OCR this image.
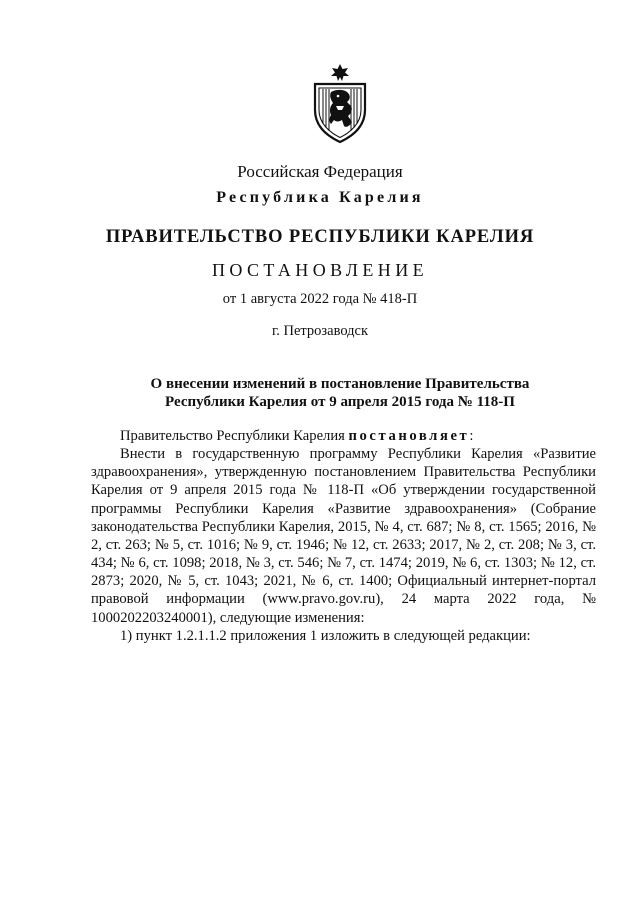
Российская Федерация
Республика Карелия
ПРАВИТЕЛЬСТВО РЕСПУБЛИКИ КАРЕЛИЯ
ПОСТАНОВЛЕНИЕ
от 1 августа 2022 года № 418-П
г. Петрозаводск
О внесении изменений в постановление Правительства
Республики Карелия от 9 апреля 2015 года № 118-П

Правительство Республики Карелия постановляет:

Внести в государственную программу Республики Карелия «Развитие здравоохранения», утвержденную постановлением Правительства Республики Карелия от 9 апреля 2015 года № 118-П «Об утверждении государственной программы Республики Карелия «Развитие здравоохранения» (Собрание законодательства Республики Карелия, 2015, № 4, ст. 687; № 8, ст. 1565; 2016, № 2, ст. 263; № 5, ст. 1016; № 9, ст. 1946; № 12, ст. 2633; 2017, № 2, ст. 208; № 3, ст. 434; № 6, ст. 1098; 2018, № 3, ст. 546; № 7, ст. 1474; 2019, № 6, ст. 1303; № 12, ст. 2873; 2020, № 5, ст. 1043; 2021, № 6, ст. 1400; Официальный интернет-портал правовой информации (www.pravo.gov.ru), 24 марта 2022 года, № 1000202203240001), следующие изменения:

1) пункт 1.2.1.1.2 приложения 1 изложить в следующей редакции:
